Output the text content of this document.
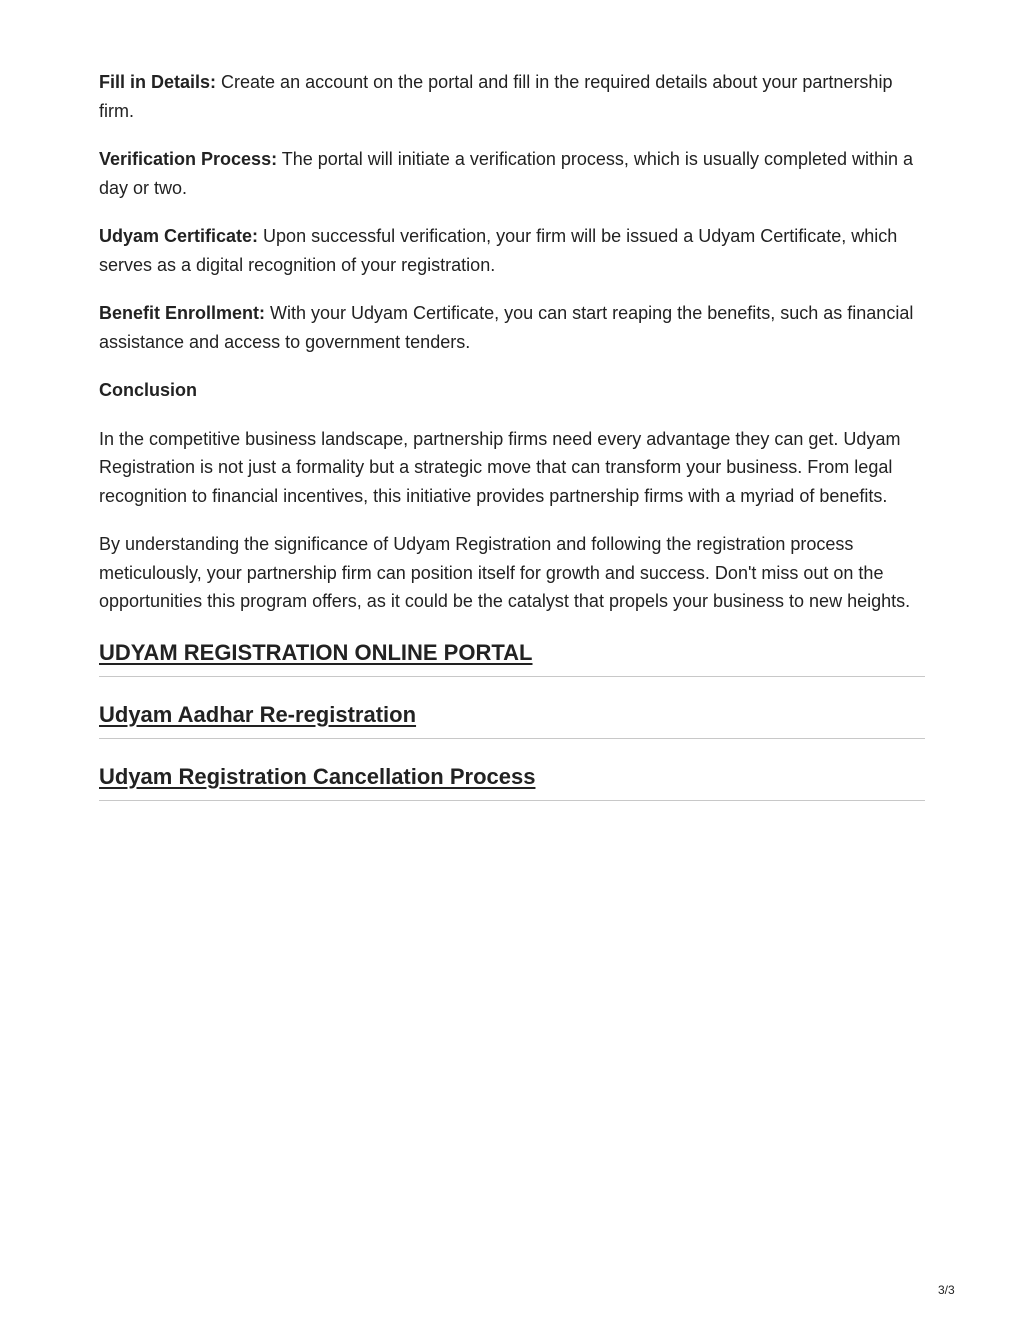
Fill in Details: Create an account on the portal and fill in the required details about your partnership firm.

Verification Process: The portal will initiate a verification process, which is usually completed within a day or two.

Udyam Certificate: Upon successful verification, your firm will be issued a Udyam Certificate, which serves as a digital recognition of your registration.

Benefit Enrollment: With your Udyam Certificate, you can start reaping the benefits, such as financial assistance and access to government tenders.

Conclusion

In the competitive business landscape, partnership firms need every advantage they can get. Udyam Registration is not just a formality but a strategic move that can transform your business. From legal recognition to financial incentives, this initiative provides partnership firms with a myriad of benefits.

By understanding the significance of Udyam Registration and following the registration process meticulously, your partnership firm can position itself for growth and success. Don't miss out on the opportunities this program offers, as it could be the catalyst that propels your business to new heights.

UDYAM REGISTRATION ONLINE PORTAL
Udyam Aadhar Re-registration
Udyam Registration Cancellation Process
3/3
